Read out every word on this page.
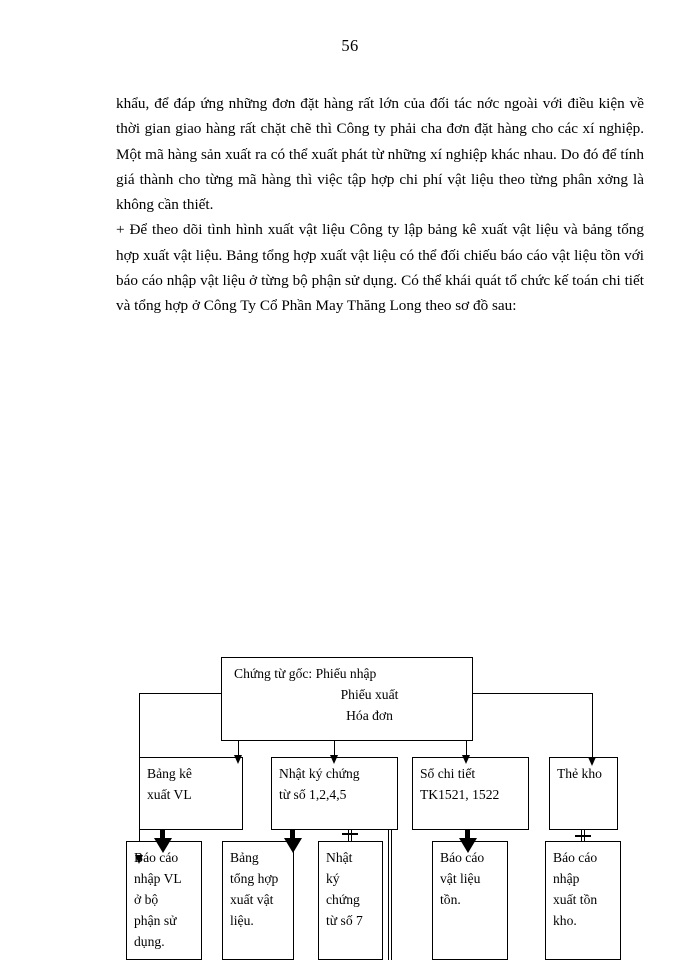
56

khẩu, để đáp ứng những đơn đặt hàng rất lớn của đối tác nớc ngoài với điều kiện về thời gian giao hàng rất chặt chẽ thì Công ty phải cha đơn đặt hàng cho các xí nghiệp. Một mã hàng sản xuất ra có thể xuất phát từ những xí nghiệp khác nhau. Do đó để tính giá thành cho từng mã hàng thì việc tập hợp chi phí vật liệu theo từng phân xởng là không cần thiết.

+ Để theo dõi tình hình xuất vật liệu Công ty lập bảng kê xuất vật liệu và bảng tổng hợp xuất vật liệu. Bảng tổng hợp xuất vật liệu có thể đối chiếu báo cáo vật liệu tồn với báo cáo nhập vật liệu ở từng bộ phận sử dụng. Có thể khái quát tổ chức kế toán chi tiết và tổng hợp ở Công Ty Cổ Phần May Thăng Long theo sơ đồ sau:

Chứng từ gốc: Phiếu nhập
Phiếu xuất
Hóa đơn
Bảng kê
xuất VL
Nhật ký chứng
từ số 1,2,4,5
Sổ chi tiết
TK1521, 1522
Thẻ kho
Báo cáo
nhập VL
ở bộ
phận sử
dụng.
Bảng
tổng hợp
xuất vật
liệu.
Nhật
ký
chứng
từ số 7
Báo cáo
vật liệu
tồn.
Báo cáo
nhập
xuất tồn
kho.
